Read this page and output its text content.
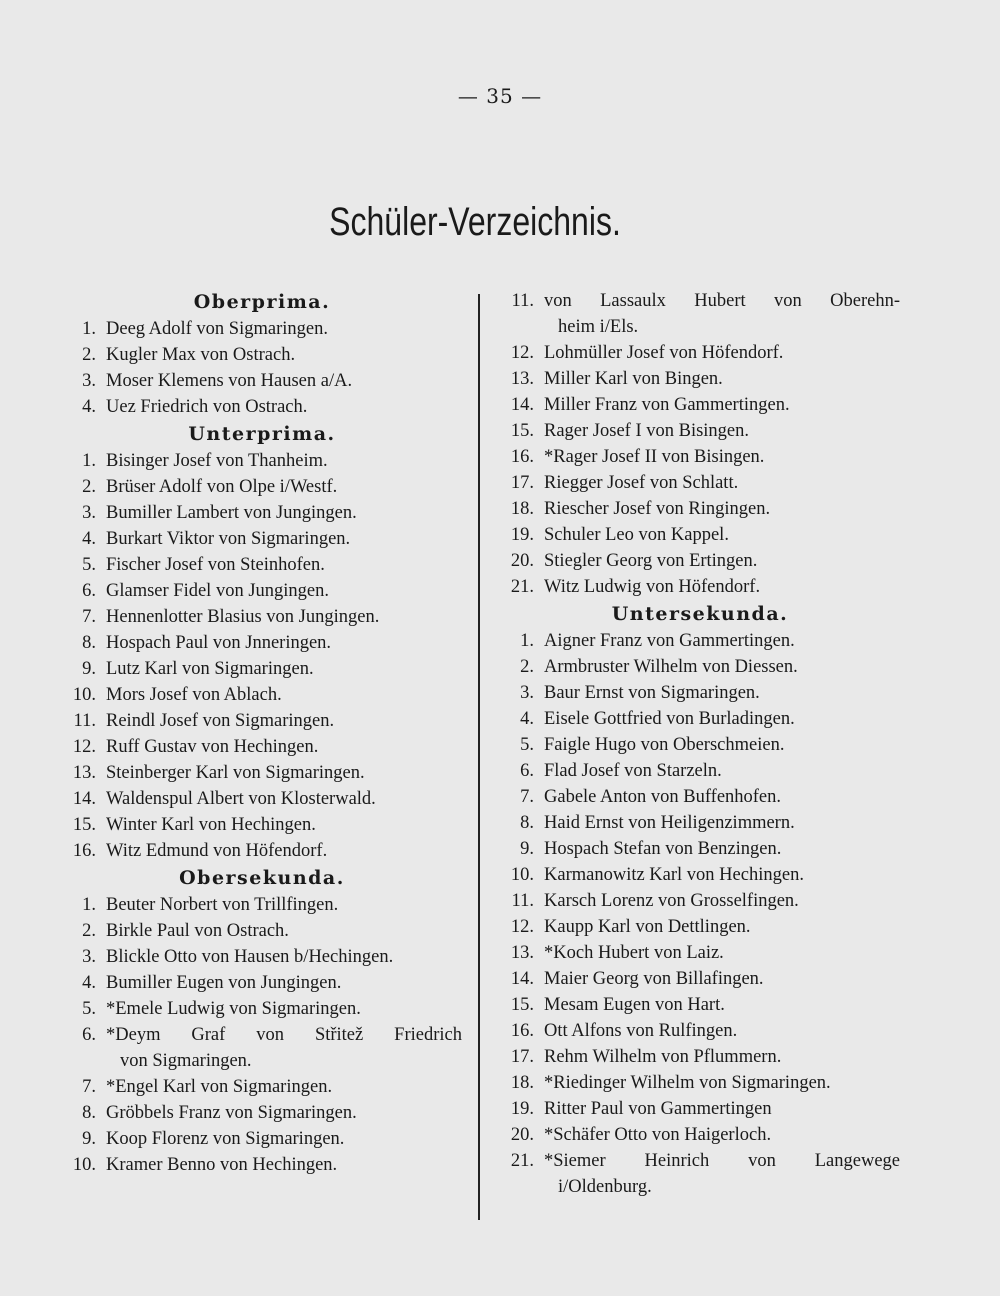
— 35 —
Schüler-Verzeichnis.
Oberprima.
1. Deeg Adolf von Sigmaringen.
2. Kugler Max von Ostrach.
3. Moser Klemens von Hausen a/A.
4. Uez Friedrich von Ostrach.
Unterprima.
1. Bisinger Josef von Thanheim.
2. Brüser Adolf von Olpe i/Westf.
3. Bumiller Lambert von Jungingen.
4. Burkart Viktor von Sigmaringen.
5. Fischer Josef von Steinhofen.
6. Glamser Fidel von Jungingen.
7. Hennenlotter Blasius von Jungingen.
8. Hospach Paul von Jnneringen.
9. Lutz Karl von Sigmaringen.
10. Mors Josef von Ablach.
11. Reindl Josef von Sigmaringen.
12. Ruff Gustav von Hechingen.
13. Steinberger Karl von Sigmaringen.
14. Waldenspul Albert von Klosterwald.
15. Winter Karl von Hechingen.
16. Witz Edmund von Höfendorf.
Obersekunda.
1. Beuter Norbert von Trillfingen.
2. Birkle Paul von Ostrach.
3. Blickle Otto von Hausen b/Hechingen.
4. Bumiller Eugen von Jungingen.
5. *Emele Ludwig von Sigmaringen.
6. *Deym Graf von Střitež Friedrich
von Sigmaringen.
7. *Engel Karl von Sigmaringen.
8. Gröbbels Franz von Sigmaringen.
9. Koop Florenz von Sigmaringen.
10. Kramer Benno von Hechingen.
11. von Lassaulx Hubert von Oberehn-
heim i/Els.
12. Lohmüller Josef von Höfendorf.
13. Miller Karl von Bingen.
14. Miller Franz von Gammertingen.
15. Rager Josef I von Bisingen.
16. *Rager Josef II von Bisingen.
17. Riegger Josef von Schlatt.
18. Riescher Josef von Ringingen.
19. Schuler Leo von Kappel.
20. Stiegler Georg von Ertingen.
21. Witz Ludwig von Höfendorf.
Untersekunda.
1. Aigner Franz von Gammertingen.
2. Armbruster Wilhelm von Diessen.
3. Baur Ernst von Sigmaringen.
4. Eisele Gottfried von Burladingen.
5. Faigle Hugo von Oberschmeien.
6. Flad Josef von Starzeln.
7. Gabele Anton von Buffenhofen.
8. Haid Ernst von Heiligenzimmern.
9. Hospach Stefan von Benzingen.
10. Karmanowitz Karl von Hechingen.
11. Karsch Lorenz von Grosselfingen.
12. Kaupp Karl von Dettlingen.
13. *Koch Hubert von Laiz.
14. Maier Georg von Billafingen.
15. Mesam Eugen von Hart.
16. Ott Alfons von Rulfingen.
17. Rehm Wilhelm von Pflummern.
18. *Riedinger Wilhelm von Sigmaringen.
19. Ritter Paul von Gammertingen
20. *Schäfer Otto von Haigerloch.
21. *Siemer Heinrich von Langewege
i/Oldenburg.
